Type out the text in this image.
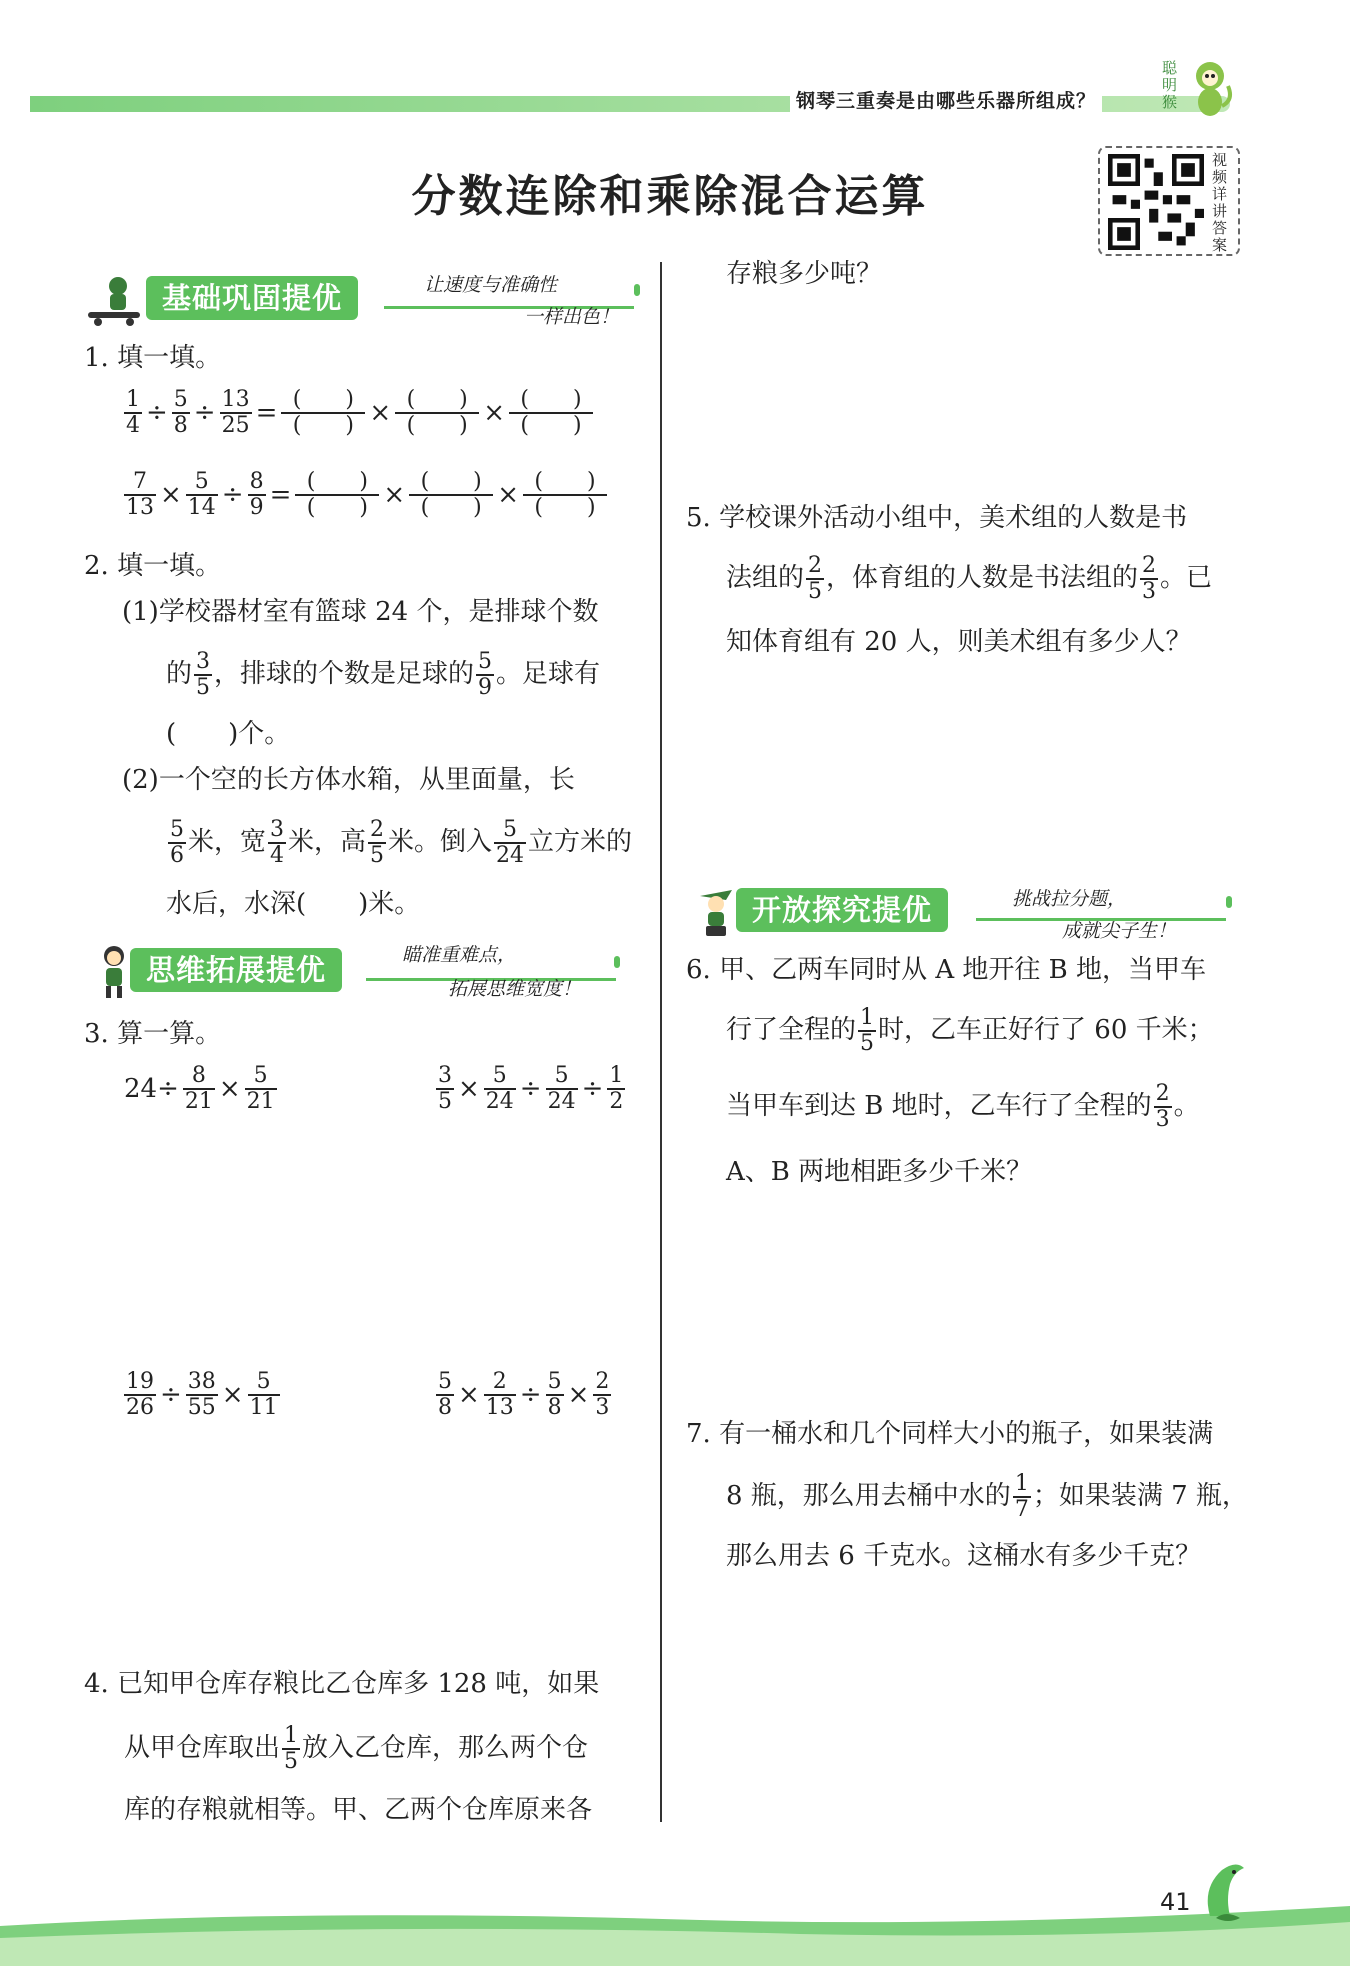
钢琴三重奏是由哪些乐器所组成？
聪
明
猴
分数连除和乘除混合运算
视
频
详
讲
答
案
基础巩固提优	让速度与准确性
一样出色！
1. 填一填。
$\frac{1}{4} \div \frac{5}{8} \div \frac{13}{25}$ = (　　)
(　　) × (　　)
(　　) × (　　)
(　　)
$\frac{7}{13} \times \frac{5}{14} \div \frac{8}{9}$ = (　　)
(　　) × (　　)
(　　) × (　　)
(　　)
2. 填一填。
(1)学校器材室有篮球 24 个，是排球个数
的 $\frac{3}{5}$ ，排球的个数是足球的 $\frac{5}{9}$ 。足球有
(　　)个。
(2)一个空的长方体水箱，从里面量，长
$\frac{5}{6}$ 米，宽 $\frac{3}{4}$ 米，高 $\frac{2}{5}$ 米。倒入 $\frac{5}{24}$ 立方米的
水后，水深(　　)米。
思维拓展提优	瞄准重难点，
拓展思维宽度！
3. 算一算。
$24\div \frac{8}{21} \times \frac{5}{21}$	$\frac{3}{5} \times \frac{5}{24} \div \frac{5}{24} \div \frac{1}{2}$
$\frac{19}{26} \div \frac{38}{55} \times \frac{5}{11}$	$\frac{5}{8} \times \frac{2}{13} \div \frac{5}{8} \times \frac{2}{3}$
4. 已知甲仓库存粮比乙仓库多 128 吨，如果
从甲仓库取出 $\frac{1}{5}$ 放入乙仓库，那么两个仓
库的存粮就相等。甲、乙两个仓库原来各
存粮多少吨？
5. 学校课外活动小组中，美术组的人数是书
法组的 $\frac{2}{5}$ ，体育组的人数是书法组的 $\frac{2}{3}$ 。已
知体育组有 20 人，则美术组有多少人？
开放探究提优	挑战拉分题，
成就尖子生！
6. 甲、乙两车同时从 A 地开往 B 地，当甲车
行了全程的 $\frac{1}{5}$ 时，乙车正好行了 60 千米；
当甲车到达 B 地时，乙车行了全程的 $\frac{2}{3}$ 。
A、B 两地相距多少千米？
7. 有一桶水和几个同样大小的瓶子，如果装满
8 瓶，那么用去桶中水的 $\frac{1}{7}$ ；如果装满 7 瓶，
那么用去 6 千克水。这桶水有多少千克？
41
